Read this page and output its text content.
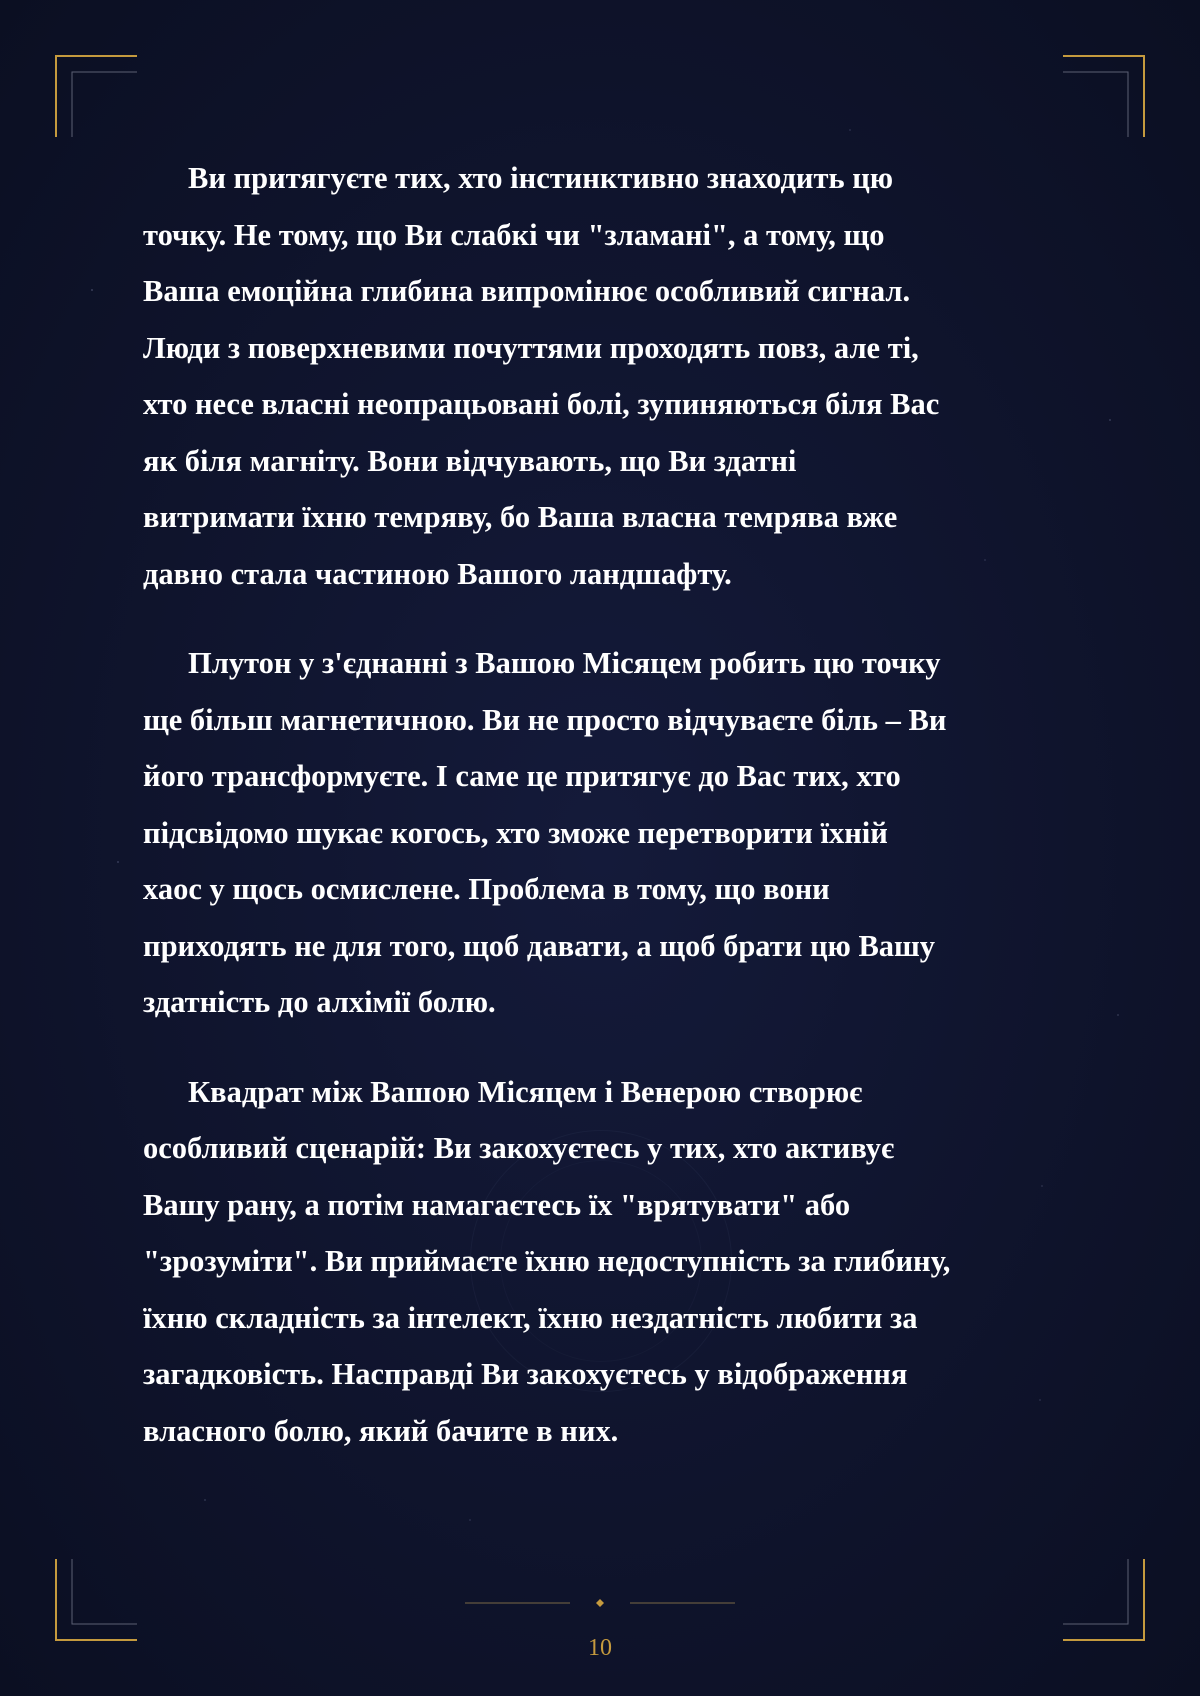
Ви притягуєте тих, хто інстинктивно знаходить цю
точку. Не тому, що Ви слабкі чи "зламані", а тому, що
Ваша емоційна глибина випромінює особливий сигнал.
Люди з поверхневими почуттями проходять повз, але ті,
хто несе власні неопрацьовані болі, зупиняються біля Вас
як біля магніту. Вони відчувають, що Ви здатні
витримати їхню темряву, бо Ваша власна темрява вже
давно стала частиною Вашого ландшафту.

Плутон у з'єднанні з Вашою Місяцем робить цю точку
ще більш магнетичною. Ви не просто відчуваєте біль – Ви
його трансформуєте. І саме це притягує до Вас тих, хто
підсвідомо шукає когось, хто зможе перетворити їхній
хаос у щось осмислене. Проблема в тому, що вони
приходять не для того, щоб давати, а щоб брати цю Вашу
здатність до алхімії болю.

Квадрат між Вашою Місяцем і Венерою створює
особливий сценарій: Ви закохуєтесь у тих, хто активує
Вашу рану, а потім намагаєтесь їх "врятувати" або
"зрозуміти". Ви приймаєте їхню недоступність за глибину,
їхню складність за інтелект, їхню нездатність любити за
загадковість. Насправді Ви закохуєтесь у відображення
власного болю, який бачите в них.

10
